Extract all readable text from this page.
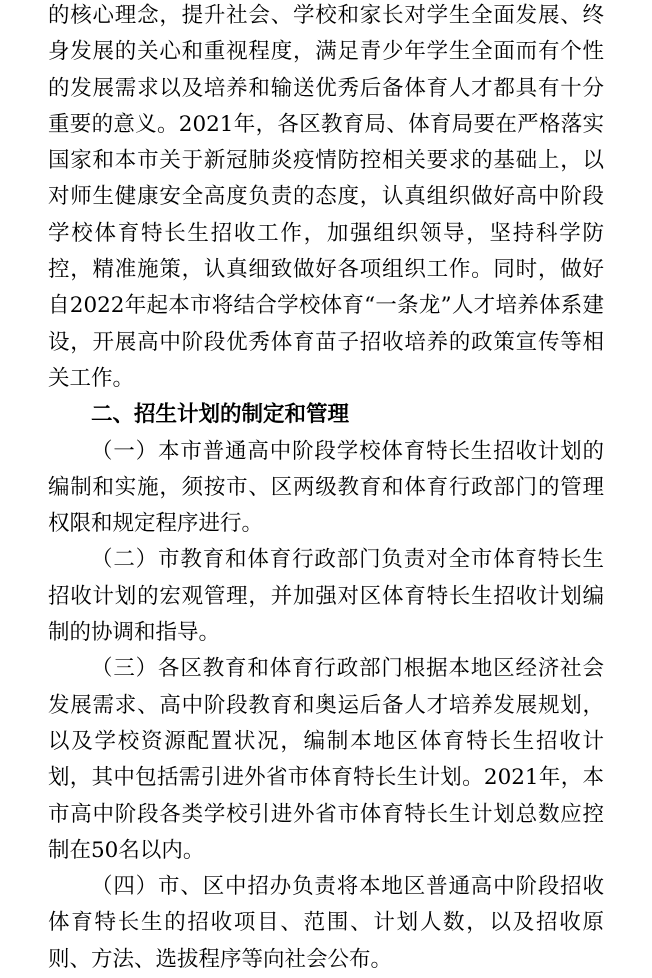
的核心理念，提升社会、学校和家长对学生全面发展、终身发展的关心和重视程度，满足青少年学生全面而有个性的发展需求以及培养和输送优秀后备体育人才都具有十分重要的意义。2021年，各区教育局、体育局要在严格落实国家和本市关于新冠肺炎疫情防控相关要求的基础上，以对师生健康安全高度负责的态度，认真组织做好高中阶段学校体育特长生招收工作，加强组织领导，坚持科学防控，精准施策，认真细致做好各项组织工作。同时，做好自2022年起本市将结合学校体育“一条龙”人才培养体系建设，开展高中阶段优秀体育苗子招收培养的政策宣传等相关工作。

二、招生计划的制定和管理

（一）本市普通高中阶段学校体育特长生招收计划的编制和实施，须按市、区两级教育和体育行政部门的管理权限和规定程序进行。

（二）市教育和体育行政部门负责对全市体育特长生招收计划的宏观管理，并加强对区体育特长生招收计划编制的协调和指导。

（三）各区教育和体育行政部门根据本地区经济社会发展需求、高中阶段教育和奥运后备人才培养发展规划，以及学校资源配置状况，编制本地区体育特长生招收计划，其中包括需引进外省市体育特长生计划。2021年，本市高中阶段各类学校引进外省市体育特长生计划总数应控制在50名以内。

（四）市、区中招办负责将本地区普通高中阶段招收体育特长生的招收项目、范围、计划人数，以及招收原则、方法、选拔程序等向社会公布。
